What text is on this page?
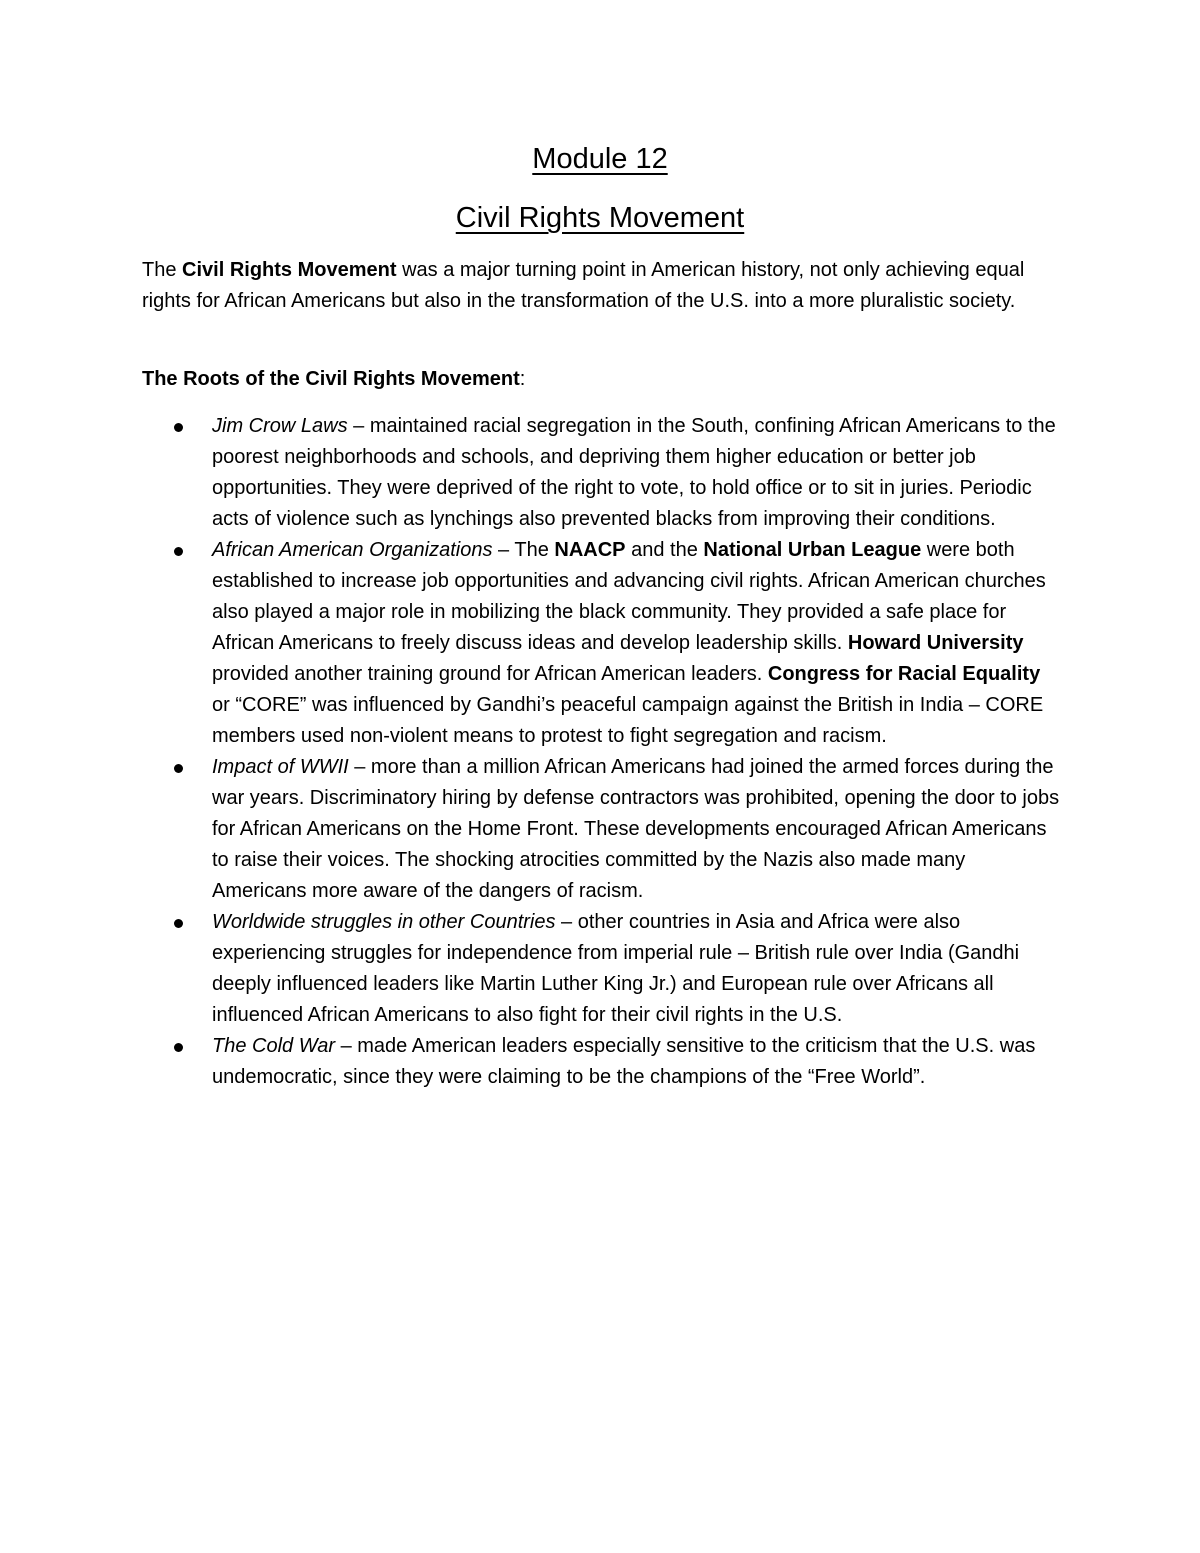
Module 12
Civil Rights Movement

The Civil Rights Movement was a major turning point in American history, not only achieving equal rights for African Americans but also in the transformation of the U.S. into a more pluralistic society.

The Roots of the Civil Rights Movement:

Jim Crow Laws – maintained racial segregation in the South, confining African Americans to the poorest neighborhoods and schools, and depriving them higher education or better job opportunities. They were deprived of the right to vote, to hold office or to sit in juries. Periodic acts of violence such as lynchings also prevented blacks from improving their conditions.
African American Organizations – The NAACP and the National Urban League were both established to increase job opportunities and advancing civil rights. African American churches also played a major role in mobilizing the black community. They provided a safe place for African Americans to freely discuss ideas and develop leadership skills. Howard University provided another training ground for African American leaders. Congress for Racial Equality or “CORE” was influenced by Gandhi’s peaceful campaign against the British in India – CORE members used non-violent means to protest to fight segregation and racism.
Impact of WWII – more than a million African Americans had joined the armed forces during the war years. Discriminatory hiring by defense contractors was prohibited, opening the door to jobs for African Americans on the Home Front. These developments encouraged African Americans to raise their voices. The shocking atrocities committed by the Nazis also made many Americans more aware of the dangers of racism.
Worldwide struggles in other Countries – other countries in Asia and Africa were also experiencing struggles for independence from imperial rule – British rule over India (Gandhi deeply influenced leaders like Martin Luther King Jr.) and European rule over Africans all influenced African Americans to also fight for their civil rights in the U.S.
The Cold War – made American leaders especially sensitive to the criticism that the U.S. was undemocratic, since they were claiming to be the champions of the “Free World”.
